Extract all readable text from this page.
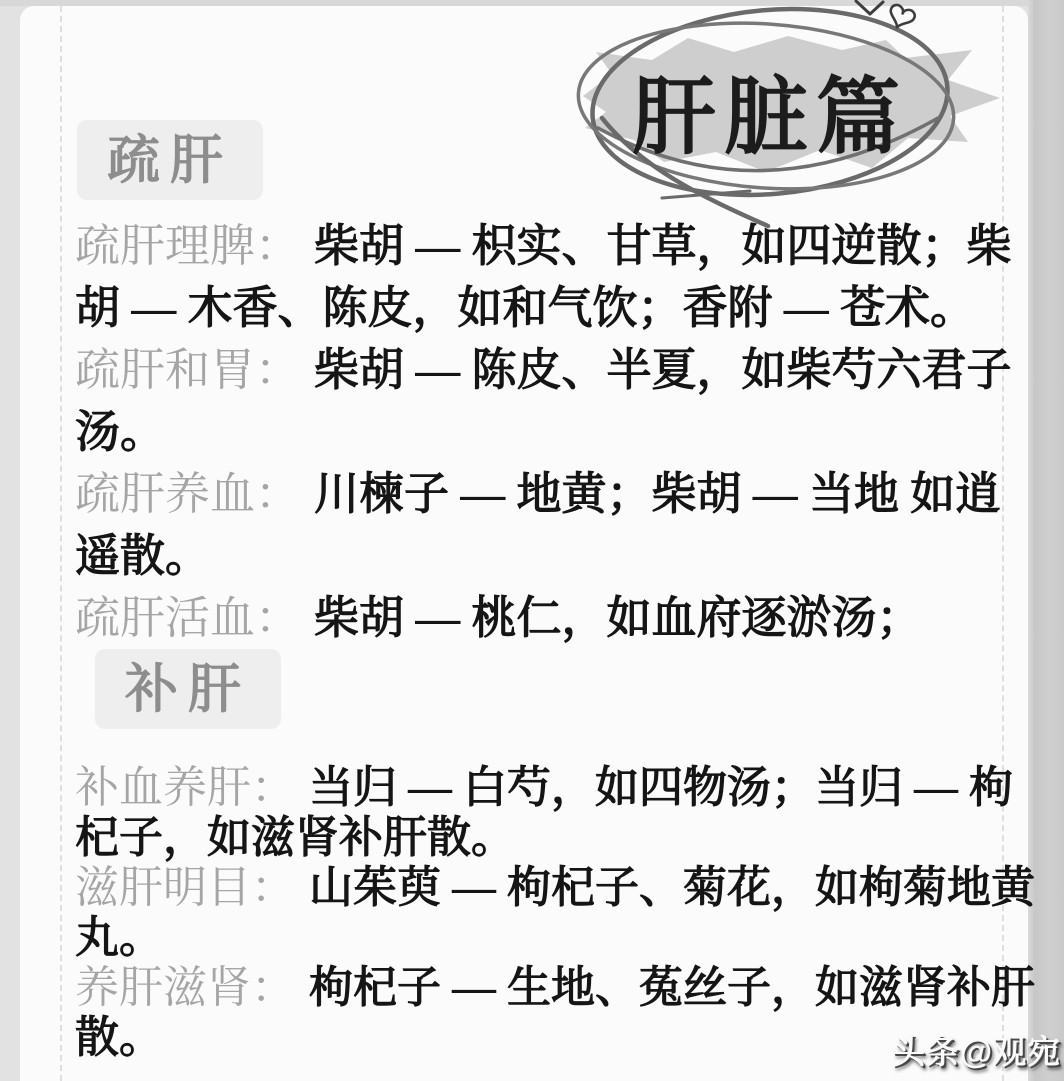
疏肝

疏肝理脾： 柴胡 — 枳实、甘草，如四逆散；柴胡 — 木香、陈皮，如和气饮；香附 — 苍术。

疏肝和胃： 柴胡 — 陈皮、半夏，如柴芍六君子汤。

疏肝养血： 川楝子 — 地黄；柴胡 — 当地 如逍遥散。

疏肝活血： 柴胡 — 桃仁，如血府逐淤汤；

补肝

补血养肝： 当归 — 白芍，如四物汤；当归 — 枸杞子，如滋肾补肝散。

滋肝明目： 山茱萸 — 枸杞子、菊花，如枸菊地黄丸。

养肝滋肾： 枸杞子 — 生地、菟丝子，如滋肾补肝散。

肝脏篇
头条@观宛
